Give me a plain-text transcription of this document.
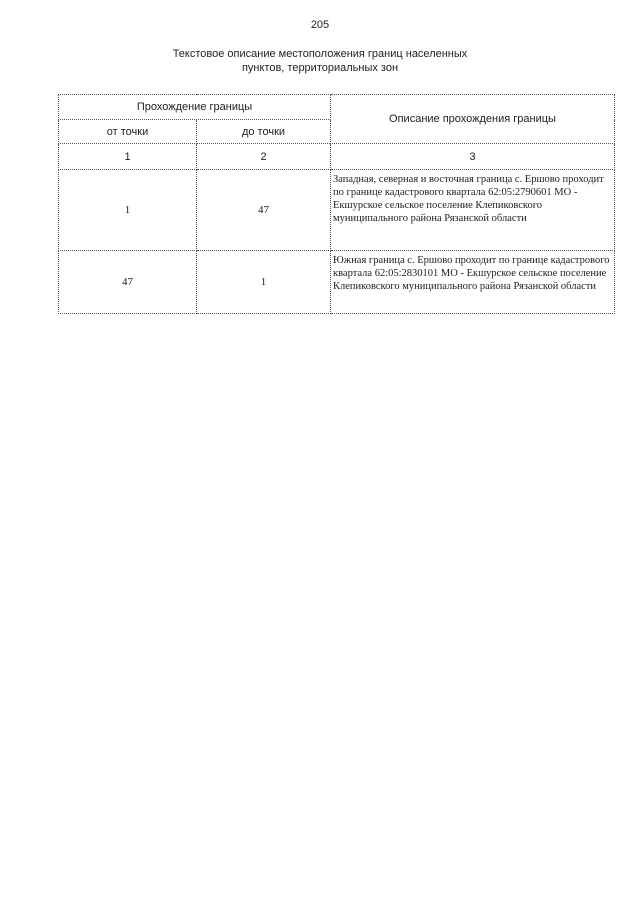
205
Текстовое описание местоположения границ населенных
пунктов, территориальных зон
Прохождение границы		Описание прохождения границы
от точки	до точки	
1	2	3
1	47	Западная, северная и восточная граница с. Ершово проходит по границе кадастрового квартала 62:05:2790601 МО - Екшурское сельское поселение Клепиковского муниципального района Рязанской области
47	1	Южная граница с. Ершово проходит по границе кадастрового квартала 62:05:2830101 МО - Екшурское сельское поселение Клепиковского муниципального района Рязанской области
